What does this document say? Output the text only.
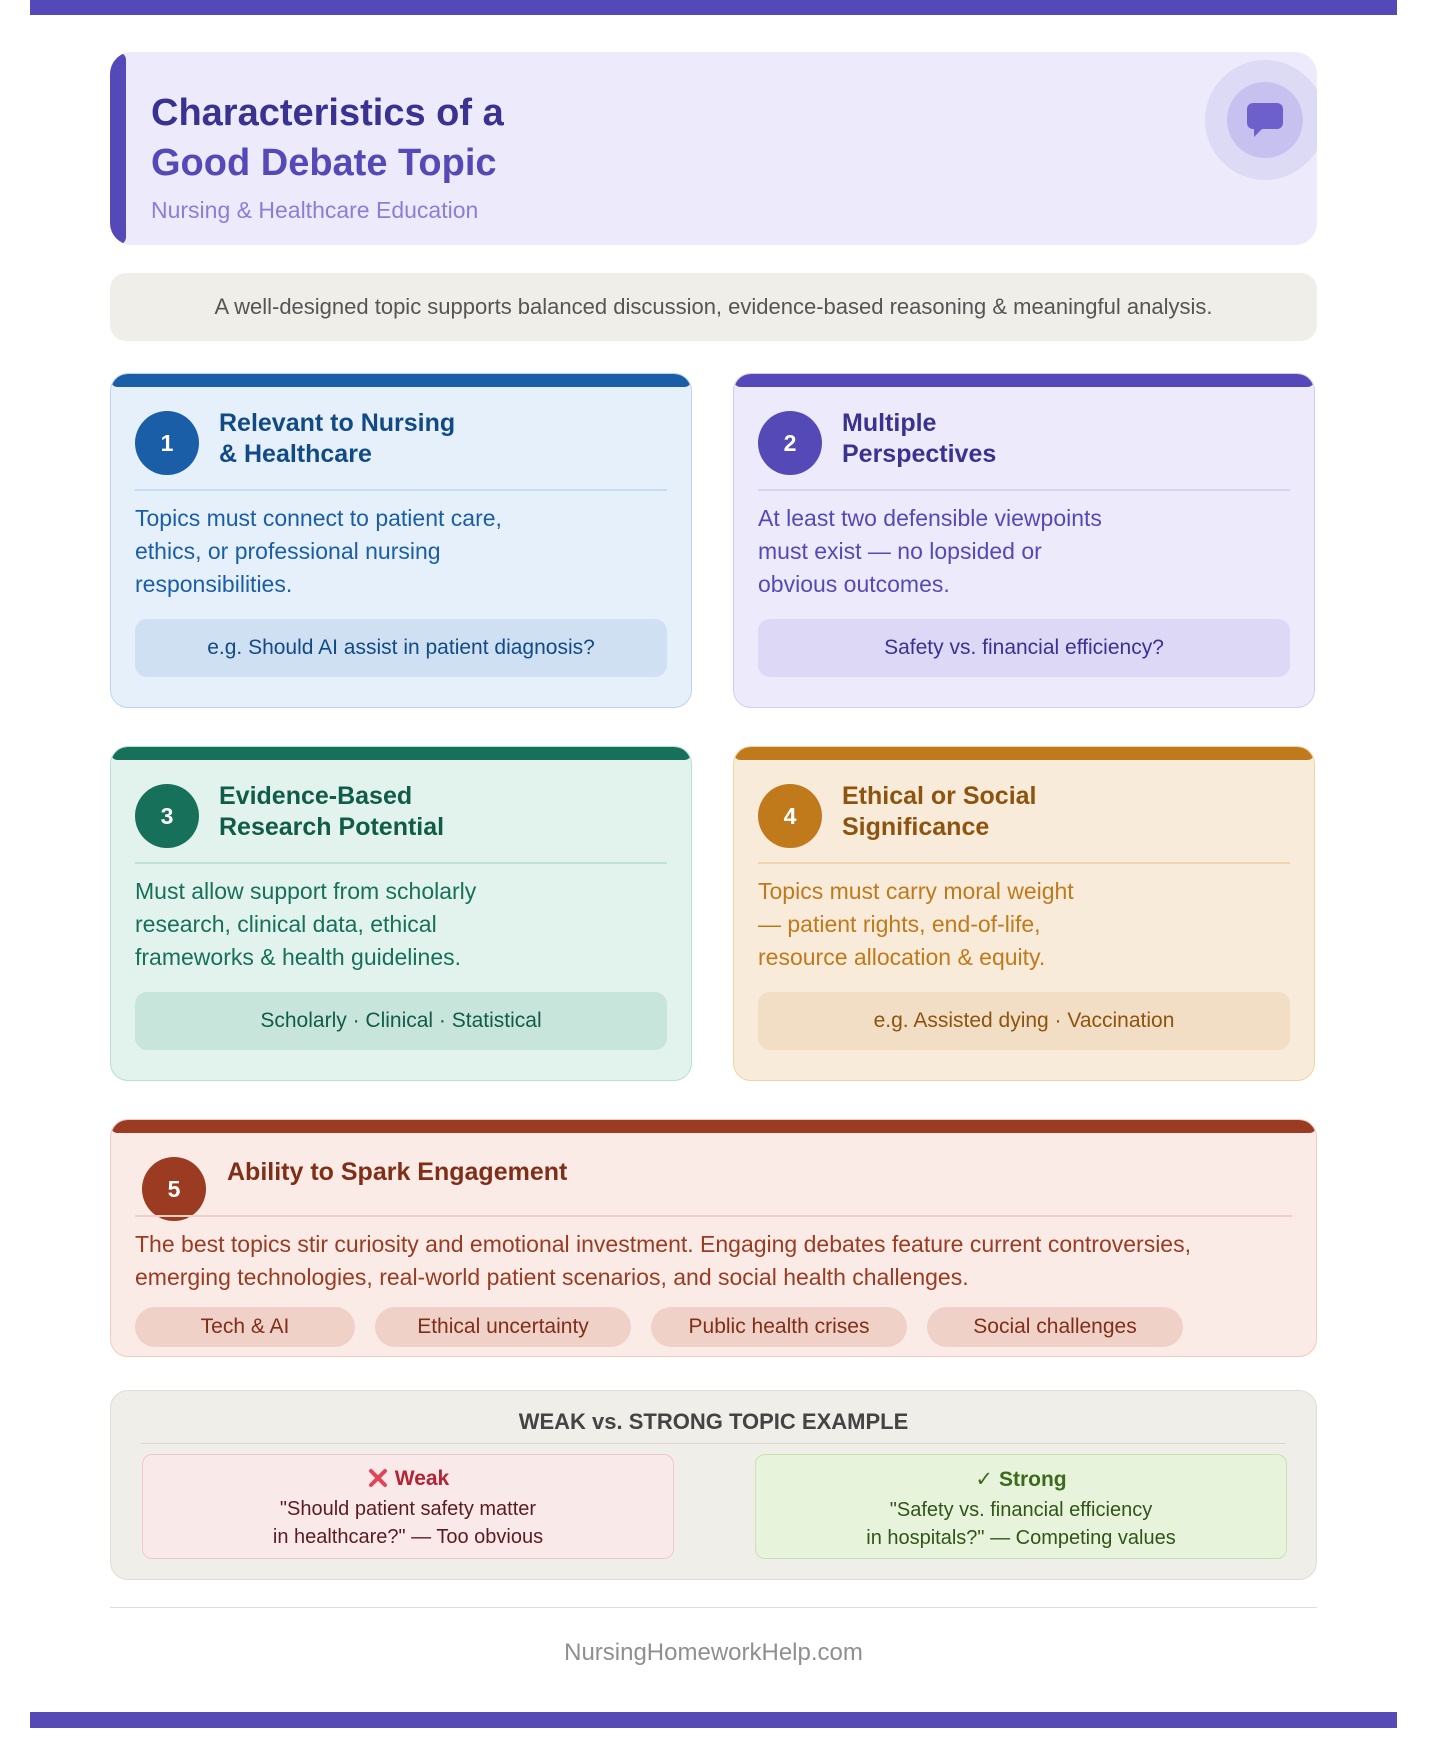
Characteristics of a
Good Debate Topic
Nursing & Healthcare Education
A well-designed topic supports balanced discussion, evidence-based reasoning & meaningful analysis.
1
Relevant to Nursing
& Healthcare
Topics must connect to patient care,
ethics, or professional nursing
responsibilities.
e.g. Should AI assist in patient diagnosis?
2
Multiple
Perspectives
At least two defensible viewpoints
must exist — no lopsided or
obvious outcomes.
Safety vs. financial efficiency?
3
Evidence-Based
Research Potential
Must allow support from scholarly
research, clinical data, ethical
frameworks & health guidelines.
Scholarly · Clinical · Statistical
4
Ethical or Social
Significance
Topics must carry moral weight
— patient rights, end-of-life,
resource allocation & equity.
e.g. Assisted dying · Vaccination
5
Ability to Spark Engagement
The best topics stir curiosity and emotional investment. Engaging debates feature current controversies,
emerging technologies, real-world patient scenarios, and social health challenges.
Tech & AI	Ethical uncertainty	Public health crises	Social challenges
WEAK vs. STRONG TOPIC EXAMPLE
Weak
"Should patient safety matter
in healthcare?" — Too obvious
✓ Strong
"Safety vs. financial efficiency
in hospitals?" — Competing values
NursingHomeworkHelp.com
